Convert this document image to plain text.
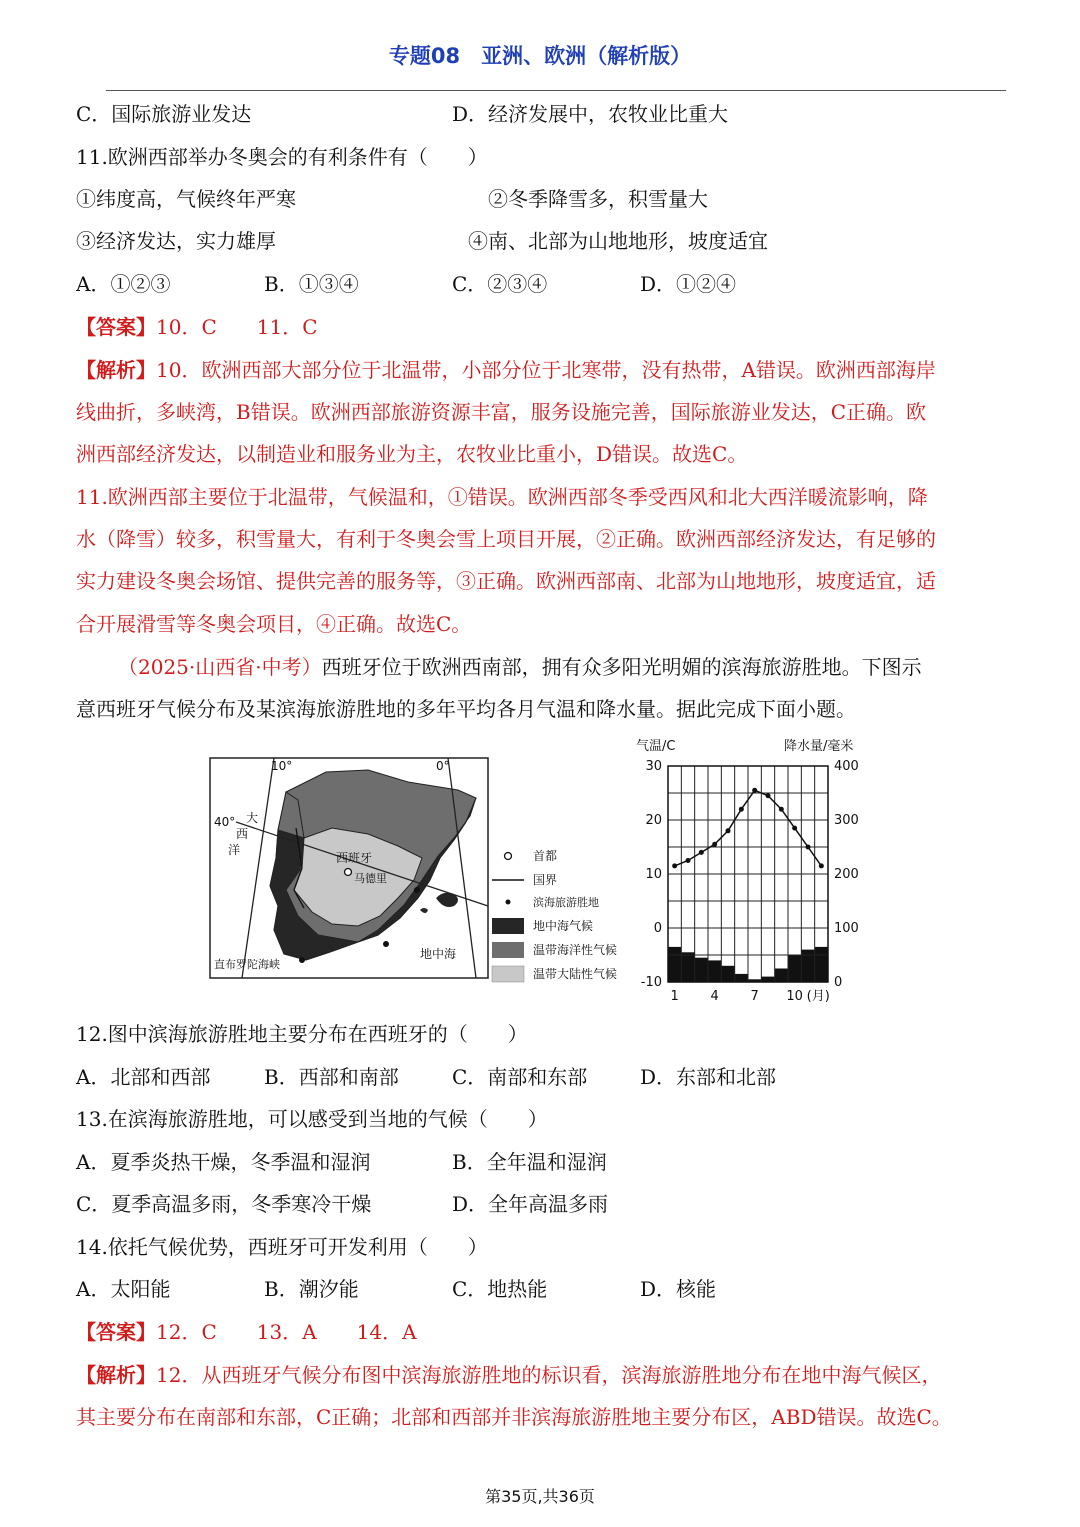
专题08　亚洲、欧洲（解析版）
C．国际旅游业发达	D．经济发展中，农牧业比重大
11.欧洲西部举办冬奥会的有利条件有（　　）
①纬度高，气候终年严寒	②冬季降雪多，积雪量大
③经济发达，实力雄厚	④南、北部为山地地形，坡度适宜
A．①②③	B．①③④	C．②③④	D．①②④
【答案】10．C　　11．C
【解析】10．欧洲西部大部分位于北温带，小部分位于北寒带，没有热带，A错误。欧洲西部海岸
线曲折，多峡湾，B错误。欧洲西部旅游资源丰富，服务设施完善，国际旅游业发达，C正确。欧
洲西部经济发达，以制造业和服务业为主，农牧业比重小，D错误。故选C。
11.欧洲西部主要位于北温带，气候温和，①错误。欧洲西部冬季受西风和北大西洋暖流影响，降
水（降雪）较多，积雪量大，有利于冬奥会雪上项目开展，②正确。欧洲西部经济发达，有足够的
实力建设冬奥会场馆、提供完善的服务等，③正确。欧洲西部南、北部为山地地形，坡度适宜，适
合开展滑雪等冬奥会项目，④正确。故选C。
（2025·山西省·中考）西班牙位于欧洲西南部，拥有众多阳光明媚的滨海旅游胜地。下图示
意西班牙气候分布及某滨海旅游胜地的多年平均各月气温和降水量。据此完成下面小题。
10°	0°
40° 大
西
洋
西班牙
马德里
直布罗陀海峡
地中海
首都
国界
滨海旅游胜地
地中海气候
温带海洋性气候
温带大陆性气候
气温/C	降水量/毫米
30
20
10
0
-10
400
300
200
100
0
1 4 7 10 (月)
12.图中滨海旅游胜地主要分布在西班牙的（　　）
A．北部和西部	B．西部和南部	C．南部和东部	D．东部和北部
13.在滨海旅游胜地，可以感受到当地的气候（　　）
A．夏季炎热干燥，冬季温和湿润	B．全年温和湿润
C．夏季高温多雨，冬季寒冷干燥	D．全年高温多雨
14.依托气候优势，西班牙可开发利用（　　）
A．太阳能	B．潮汐能	C．地热能	D．核能
【答案】12．C　　13．A　　14．A
【解析】12．从西班牙气候分布图中滨海旅游胜地的标识看，滨海旅游胜地分布在地中海气候区，
其主要分布在南部和东部，C正确；北部和西部并非滨海旅游胜地主要分布区，ABD错误。故选C。
第35页,共36页
